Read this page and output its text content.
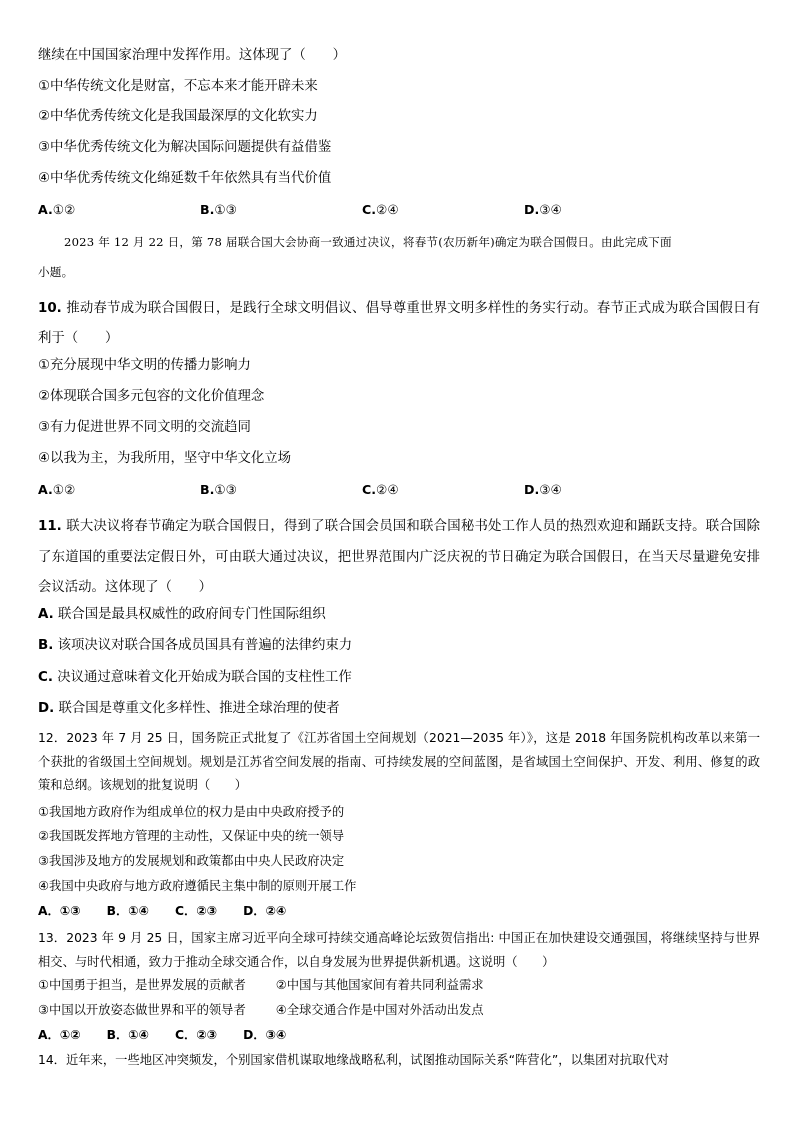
继续在中国国家治理中发挥作用。这体现了（　　）
①中华传统文化是财富，不忘本来才能开辟未来
②中华优秀传统文化是我国最深厚的文化软实力
③中华优秀传统文化为解决国际问题提供有益借鉴
④中华优秀传统文化绵延数千年依然具有当代价值
A.①②	B.①③	C.②④	D.③④
2023 年 12 月 22 日，第 78 届联合国大会协商一致通过决议，将春节(农历新年)确定为联合国假日。由此完成下面
小题。
10. 推动春节成为联合国假日，是践行全球文明倡议、倡导尊重世界文明多样性的务实行动。春节正式成为联合国假日有利于（　　）
①充分展现中华文明的传播力影响力
②体现联合国多元包容的文化价值理念
③有力促进世界不同文明的交流趋同
④以我为主，为我所用，坚守中华文化立场
A.①②	B.①③	C.②④	D.③④
11. 联大决议将春节确定为联合国假日，得到了联合国会员国和联合国秘书处工作人员的热烈欢迎和踊跃支持。联合国除了东道国的重要法定假日外，可由联大通过决议，把世界范围内广泛庆祝的节日确定为联合国假日，在当天尽量避免安排会议活动。这体现了（　　）
A. 联合国是最具权威性的政府间专门性国际组织
B. 该项决议对联合国各成员国具有普遍的法律约束力
C. 决议通过意味着文化开始成为联合国的支柱性工作
D. 联合国是尊重文化多样性、推进全球治理的使者
12．2023 年 7 月 25 日，国务院正式批复了《江苏省国土空间规划（2021—2035 年）》，这是 2018 年国务院机构改革以来第一个获批的省级国土空间规划。规划是江苏省空间发展的指南、可持续发展的空间蓝图，是省域国土空间保护、开发、利用、修复的政策和总纲。该规划的批复说明（　　）
①我国地方政府作为组成单位的权力是由中央政府授予的
②我国既发挥地方管理的主动性，又保证中央的统一领导
③我国涉及地方的发展规划和政策都由中央人民政府决定
④我国中央政府与地方政府遵循民主集中制的原则开展工作
A．①③ B．①④ C．②③ D．②④
13．2023 年 9 月 25 日，国家主席习近平向全球可持续交通高峰论坛致贺信指出: 中国正在加快建设交通强国，将继续坚持与世界相交、与时代相通，致力于推动全球交通合作，以自身发展为世界提供新机遇。这说明（　　）
①中国勇于担当，是世界发展的贡献者 ②中国与其他国家间有着共同利益需求
③中国以开放姿态做世界和平的领导者 ④全球交通合作是中国对外活动出发点
A．①② B．①④ C．②③ D．③④
14．近年来，一些地区冲突频发，个别国家借机谋取地缘战略私利，试图推动国际关系“阵营化”，以集团对抗取代对
